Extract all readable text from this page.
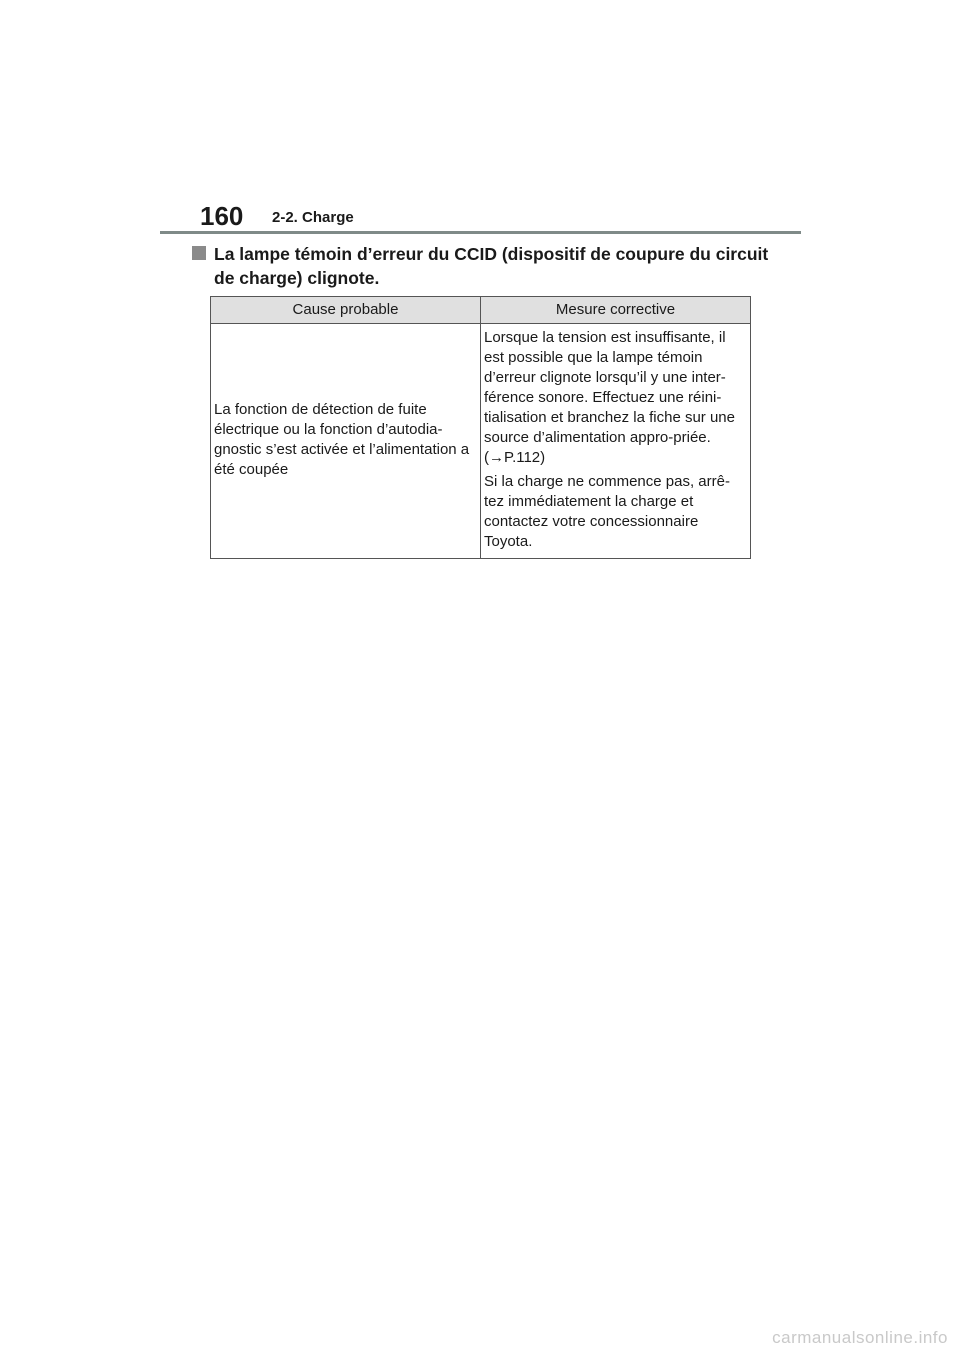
160 2-2. Charge
La lampe témoin d’erreur du CCID (dispositif de coupure du circuit de charge) clignote.
Cause probable	Mesure corrective
La fonction de détection de fuite électrique ou la fonction d’autodia-gnostic s’est activée et l’alimentation a été coupée	Lorsque la tension est insuffisante, il est possible que la lampe témoin d’erreur clignote lorsqu’il y une inter-férence sonore. Effectuez une réini-tialisation et branchez la fiche sur une source d’alimentation appro-priée. (→P.112)

Si la charge ne commence pas, arrê-tez immédiatement la charge et contactez votre concessionnaire Toyota.

carmanualsonline.info
